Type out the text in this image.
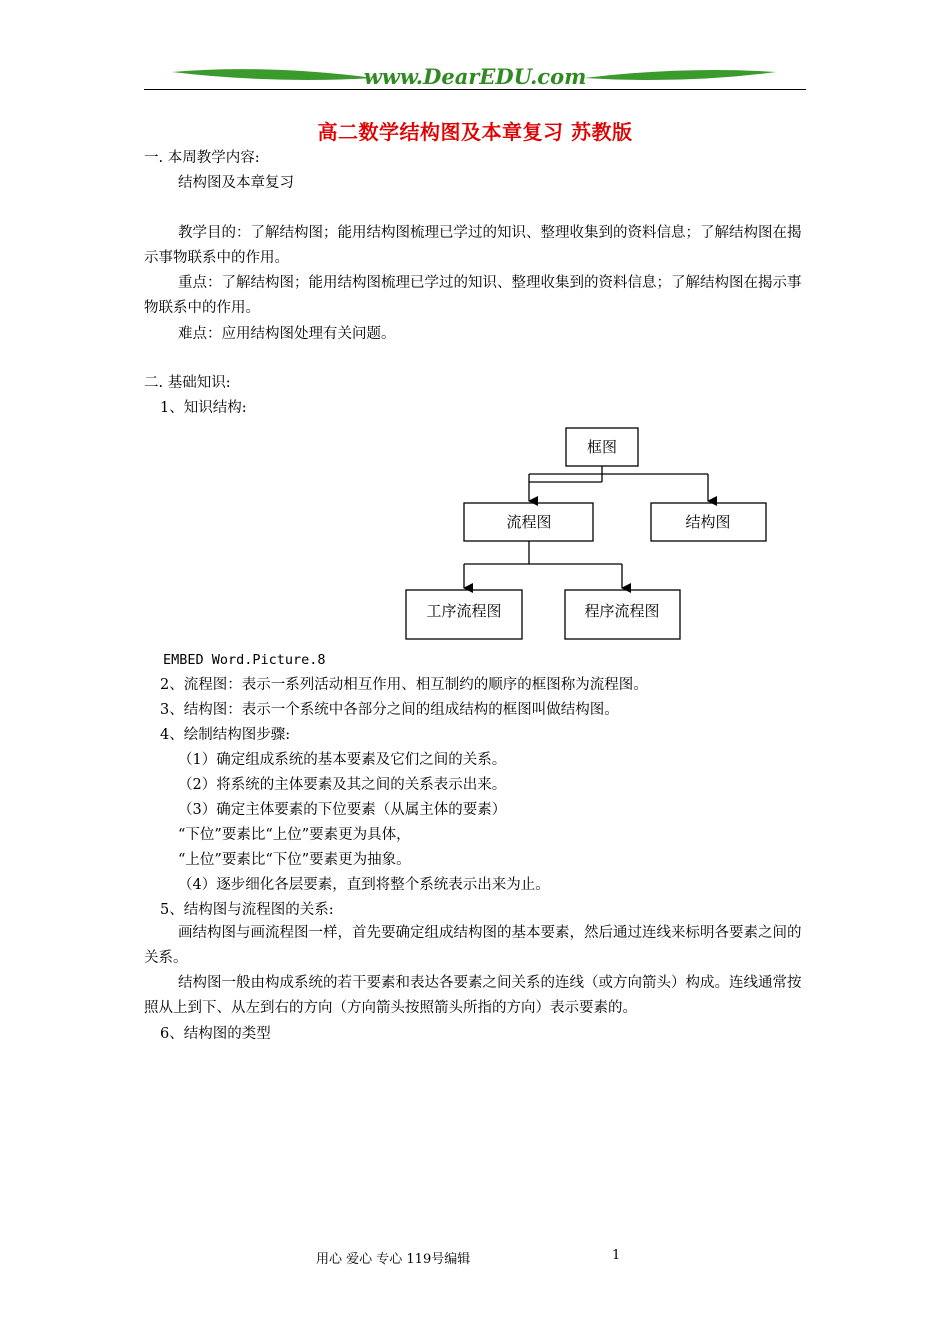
www.DearEDU.com
高二数学结构图及本章复习 苏教版
一. 本周教学内容:
结构图及本章复习
教学目的：了解结构图；能用结构图梳理已学过的知识、整理收集到的资料信息；了解结构图在揭示事物联系中的作用。
重点：了解结构图；能用结构图梳理已学过的知识、整理收集到的资料信息；了解结构图在揭示事物联系中的作用。
难点：应用结构图处理有关问题。
二. 基础知识:
1、知识结构:
框图
流程图	结构图
工序流程图	程序流程图
EMBED Word.Picture.8
2、流程图：表示一系列活动相互作用、相互制约的顺序的框图称为流程图。
3、结构图：表示一个系统中各部分之间的组成结构的框图叫做结构图。
4、绘制结构图步骤:
（1）确定组成系统的基本要素及它们之间的关系。
（2）将系统的主体要素及其之间的关系表示出来。
（3）确定主体要素的下位要素（从属主体的要素）
“下位”要素比“上位”要素更为具体，
“上位”要素比“下位”要素更为抽象。
（4）逐步细化各层要素，直到将整个系统表示出来为止。
5、结构图与流程图的关系:
画结构图与画流程图一样，首先要确定组成结构图的基本要素，然后通过连线来标明各要素之间的关系。
结构图一般由构成系统的若干要素和表达各要素之间关系的连线（或方向箭头）构成。连线通常按照从上到下、从左到右的方向（方向箭头按照箭头所指的方向）表示要素的。
6、结构图的类型
用心 爱心 专心 119号编辑	1
